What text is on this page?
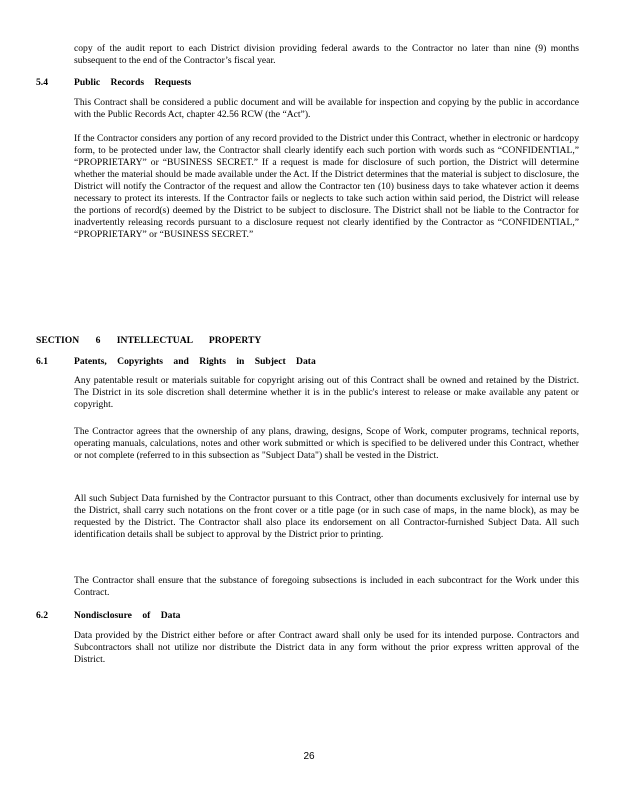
copy of the audit report to each District division providing federal awards to the Contractor no later than nine (9) months subsequent to the end of the Contractor’s fiscal year.

5.4	Public Records Requests

This Contract shall be considered a public document and will be available for inspection and copying by the public in accordance with the Public Records Act, chapter 42.56 RCW (the “Act”).

If the Contractor considers any portion of any record provided to the District under this Contract, whether in electronic or hardcopy form, to be protected under law, the Contractor shall clearly identify each such portion with words such as “CONFIDENTIAL,” “PROPRIETARY” or “BUSINESS SECRET.” If a request is made for disclosure of such portion, the District will determine whether the material should be made available under the Act. If the District determines that the material is subject to disclosure, the District will notify the Contractor of the request and allow the Contractor ten (10) business days to take whatever action it deems necessary to protect its interests. If the Contractor fails or neglects to take such action within said period, the District will release the portions of record(s) deemed by the District to be subject to disclosure. The District shall not be liable to the Contractor for inadvertently releasing records pursuant to a disclosure request not clearly identified by the Contractor as “CONFIDENTIAL,” “PROPRIETARY” or “BUSINESS SECRET.”

SECTION 6 INTELLECTUAL PROPERTY
6.1	Patents, Copyrights and Rights in Subject Data

Any patentable result or materials suitable for copyright arising out of this Contract shall be owned and retained by the District. The District in its sole discretion shall determine whether it is in the public's interest to release or make available any patent or copyright.

The Contractor agrees that the ownership of any plans, drawing, designs, Scope of Work, computer programs, technical reports, operating manuals, calculations, notes and other work submitted or which is specified to be delivered under this Contract, whether or not complete (referred to in this subsection as "Subject Data") shall be vested in the District.

All such Subject Data furnished by the Contractor pursuant to this Contract, other than documents exclusively for internal use by the District, shall carry such notations on the front cover or a title page (or in such case of maps, in the name block), as may be requested by the District. The Contractor shall also place its endorsement on all Contractor-furnished Subject Data. All such identification details shall be subject to approval by the District prior to printing.

The Contractor shall ensure that the substance of foregoing subsections is included in each subcontract for the Work under this Contract.

6.2	Nondisclosure of Data

Data provided by the District either before or after Contract award shall only be used for its intended purpose. Contractors and Subcontractors shall not utilize nor distribute the District data in any form without the prior express written approval of the District.

26
